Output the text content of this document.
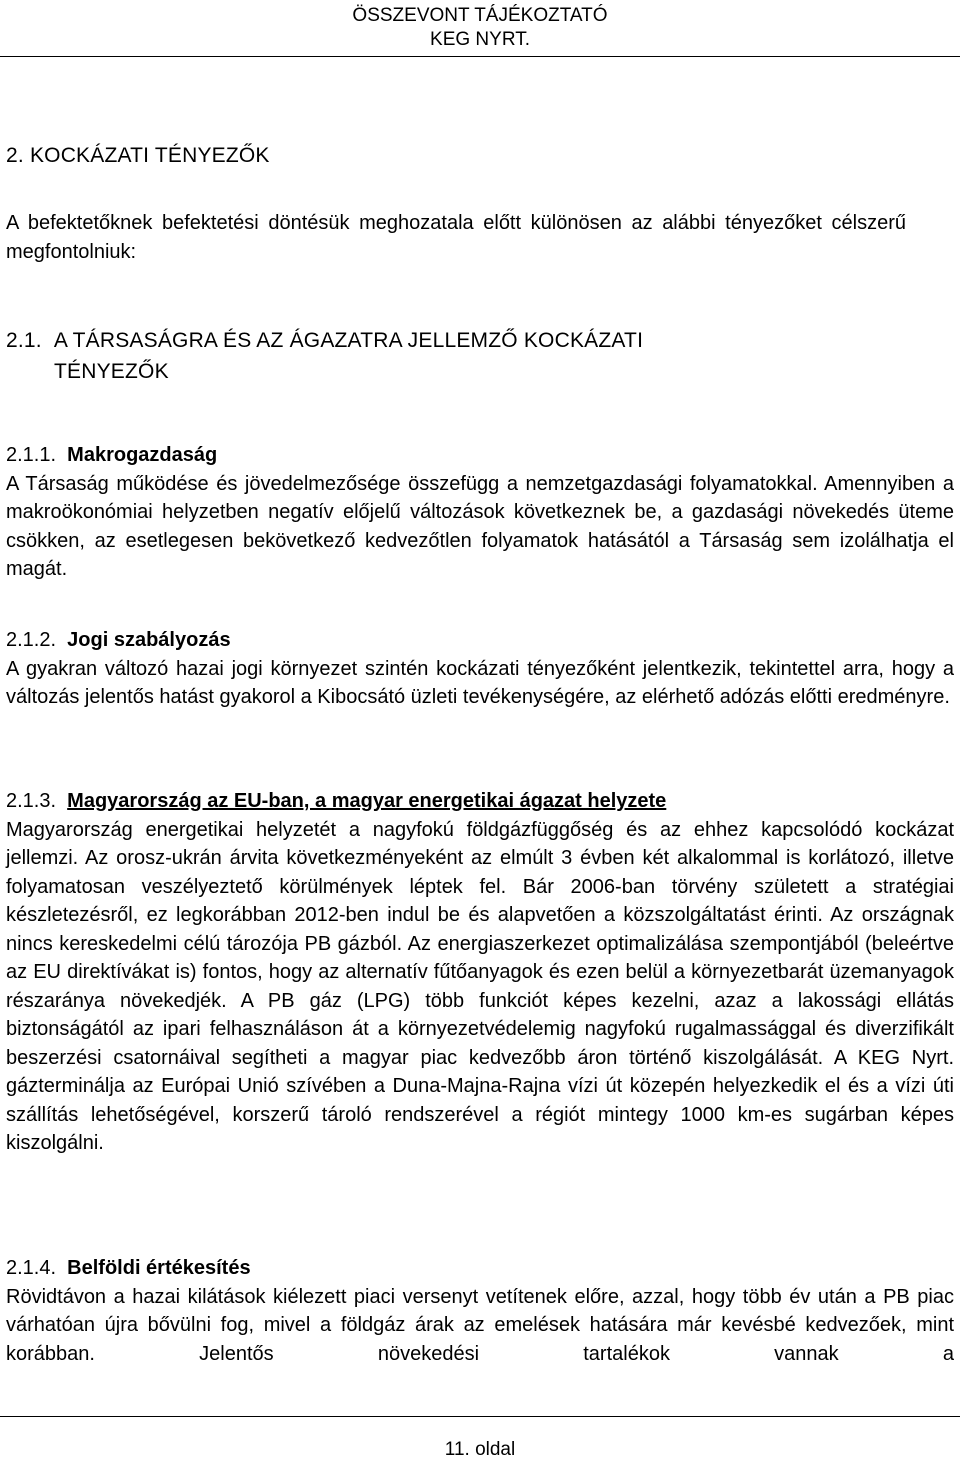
ÖSSZEVONT TÁJÉKOZTATÓ
KEG NYRT.
2. KOCKÁZATI TÉNYEZŐK
A befektetőknek befektetési döntésük meghozatala előtt különösen az alábbi tényezőket célszerű megfontolniuk:
2.1. A TÁRSASÁGRA ÉS AZ ÁGAZATRA JELLEMZŐ KOCKÁZATI
TÉNYEZŐK
2.1.1. Makrogazdaság
A Társaság működése és jövedelmezősége összefügg a nemzetgazdasági folyamatokkal. Amennyiben a makroökonómiai helyzetben negatív előjelű változások következnek be, a gazdasági növekedés üteme csökken, az esetlegesen bekövetkező kedvezőtlen folyamatok hatásától a Társaság sem izolálhatja el magát.
2.1.2. Jogi szabályozás
A gyakran változó hazai jogi környezet szintén kockázati tényezőként jelentkezik, tekintettel arra, hogy a változás jelentős hatást gyakorol a Kibocsátó üzleti tevékenységére, az elérhető adózás előtti eredményre.
2.1.3. Magyarország az EU-ban, a magyar energetikai ágazat helyzete
Magyarország energetikai helyzetét a nagyfokú földgázfüggőség és az ehhez kapcsolódó kockázat jellemzi. Az orosz-ukrán árvita következményeként az elmúlt 3 évben két alkalommal is korlátozó, illetve folyamatosan veszélyeztető körülmények léptek fel. Bár 2006-ban törvény született a stratégiai készletezésről, ez legkorábban 2012-ben indul be és alapvetően a közszolgáltatást érinti. Az országnak nincs kereskedelmi célú tározója PB gázból. Az energiaszerkezet optimalizálása szempontjából (beleértve az EU direktívákat is) fontos, hogy az alternatív fűtőanyagok és ezen belül a környezetbarát üzemanyagok részaránya növekedjék. A PB gáz (LPG) több funkciót képes kezelni, azaz a lakossági ellátás biztonságától az ipari felhasználáson át a környezetvédelemig nagyfokú rugalmassággal és diverzifikált beszerzési csatornáival segítheti a magyar piac kedvezőbb áron történő kiszolgálását. A KEG Nyrt. gázterminálja az Európai Unió szívében a Duna-Majna-Rajna vízi út közepén helyezkedik el és a vízi úti szállítás lehetőségével, korszerű tároló rendszerével a régiót mintegy 1000 km-es sugárban képes kiszolgálni.
2.1.4. Belföldi értékesítés
Rövidtávon a hazai kilátások kiélezett piaci versenyt vetítenek előre, azzal, hogy több év után a PB piac várhatóan újra bővülni fog, mivel a földgáz árak az emelések hatására már kevésbé kedvezőek, mint korábban. Jelentős növekedési tartalékok vannak a
11. oldal
